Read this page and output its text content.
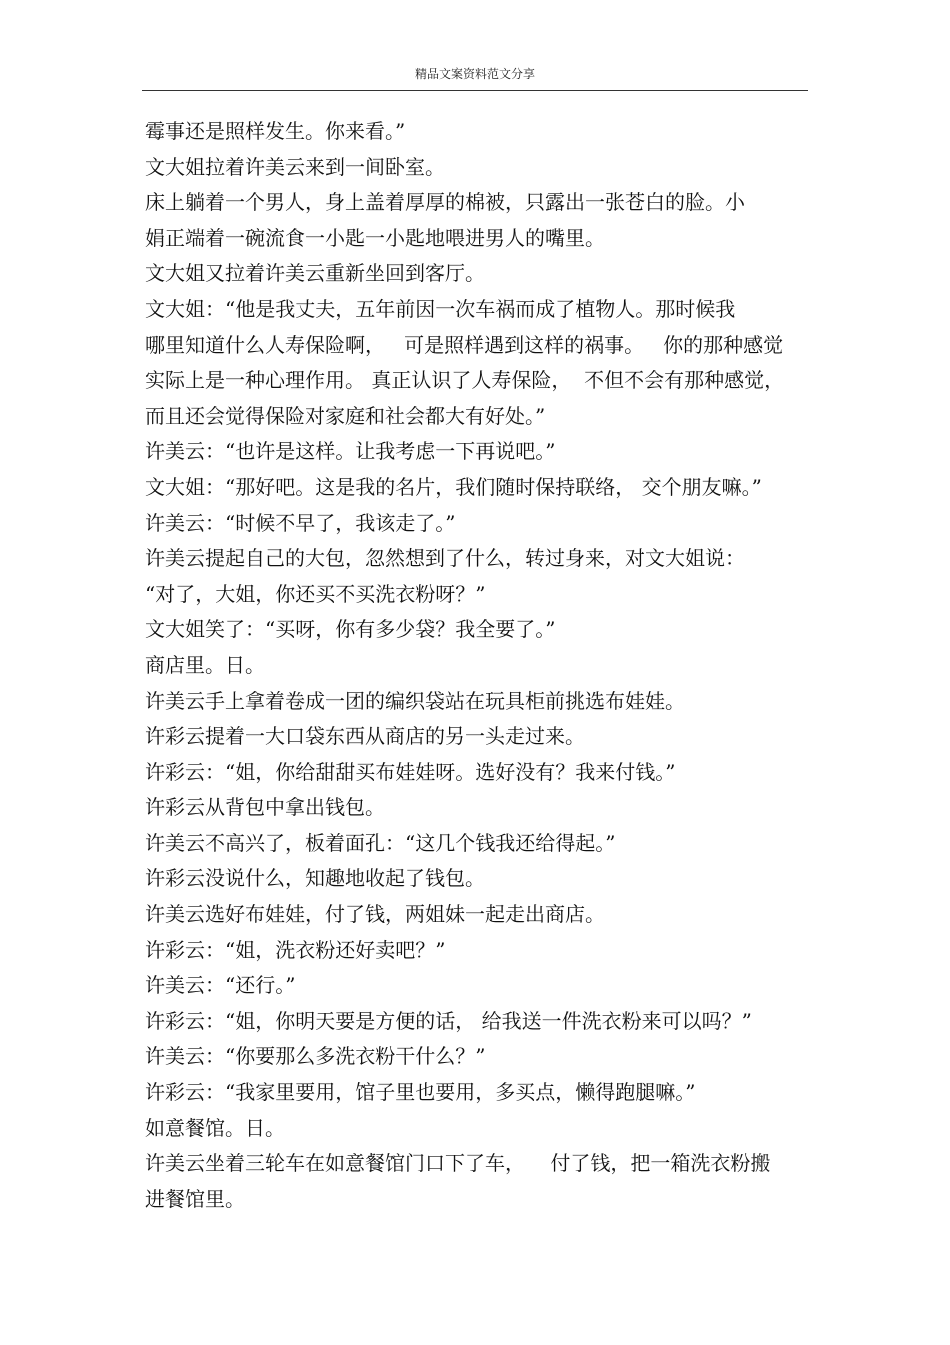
精品文案资料范文分享
霉事还是照样发生。你来看。”
文大姐拉着许美云来到一间卧室。
床上躺着一个男人，身上盖着厚厚的棉被，只露出一张苍白的脸。小
娟正端着一碗流食一小匙一小匙地喂进男人的嘴里。
文大姐又拉着许美云重新坐回到客厅。
文大姐：“他是我丈夫，五年前因一次车祸而成了植物人。那时候我
哪里知道什么人寿保险啊，   可是照样遇到这样的祸事。   你的那种感觉
实际上是一种心理作用。 真正认识了人寿保险，  不但不会有那种感觉，
而且还会觉得保险对家庭和社会都大有好处。”
许美云：“也许是这样。让我考虑一下再说吧。”
文大姐：“那好吧。这是我的名片，我们随时保持联络， 交个朋友嘛。”
许美云：“时候不早了，我该走了。”
许美云提起自己的大包，忽然想到了什么，转过身来，对文大姐说：
“对了，大姐，你还买不买洗衣粉呀？”
文大姐笑了：“买呀，你有多少袋？我全要了。”
商店里。日。
许美云手上拿着卷成一团的编织袋站在玩具柜前挑选布娃娃。
许彩云提着一大口袋东西从商店的另一头走过来。
许彩云：“姐，你给甜甜买布娃娃呀。选好没有？我来付钱。”
许彩云从背包中拿出钱包。
许美云不高兴了，板着面孔：“这几个钱我还给得起。”
许彩云没说什么，知趣地收起了钱包。
许美云选好布娃娃，付了钱，两姐妹一起走出商店。
许彩云：“姐，洗衣粉还好卖吧？”
许美云：“还行。”
许彩云：“姐，你明天要是方便的话， 给我送一件洗衣粉来可以吗？”
许美云：“你要那么多洗衣粉干什么？”
许彩云：“我家里要用，馆子里也要用，多买点，懒得跑腿嘛。”
如意餐馆。日。
许美云坐着三轮车在如意餐馆门口下了车，    付了钱，把一箱洗衣粉搬
进餐馆里。
